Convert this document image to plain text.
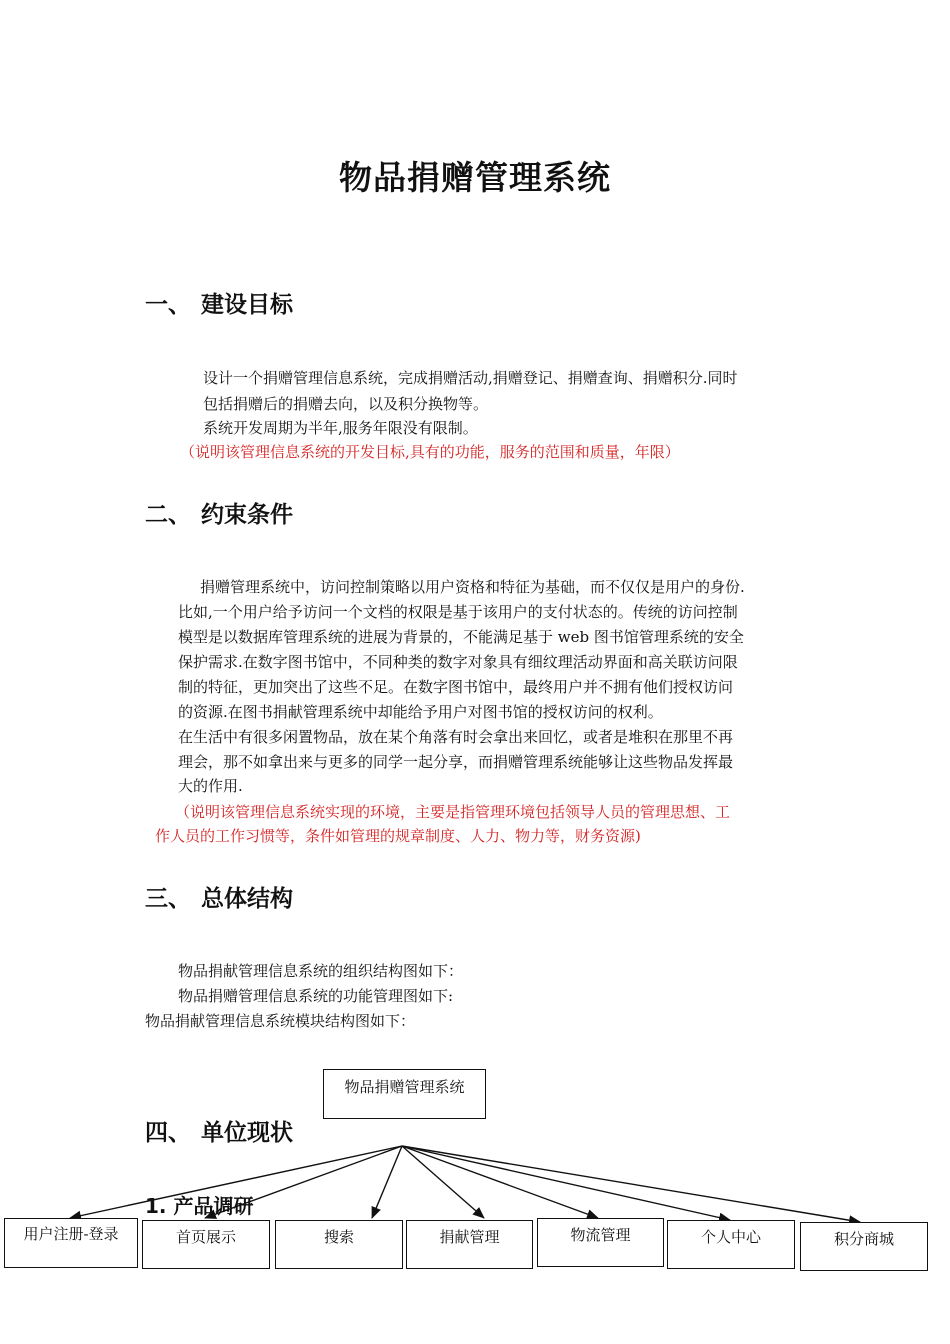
物品捐赠管理系统
一、 建设目标
设计一个捐赠管理信息系统，完成捐赠活动,捐赠登记、捐赠查询、捐赠积分.同时
包括捐赠后的捐赠去向，以及积分换物等。
系统开发周期为半年,服务年限没有限制。
（说明该管理信息系统的开发目标,具有的功能，服务的范围和质量，年限）
二、 约束条件
捐赠管理系统中，访问控制策略以用户资格和特征为基础，而不仅仅是用户的身份.
比如,一个用户给予访问一个文档的权限是基于该用户的支付状态的。传统的访问控制
模型是以数据库管理系统的进展为背景的，不能满足基于 web 图书馆管理系统的安全
保护需求.在数字图书馆中，不同种类的数字对象具有细纹理活动界面和高关联访问限
制的特征，更加突出了这些不足。在数字图书馆中，最终用户并不拥有他们授权访问
的资源.在图书捐献管理系统中却能给予用户对图书馆的授权访问的权利。
在生活中有很多闲置物品，放在某个角落有时会拿出来回忆，或者是堆积在那里不再
理会，那不如拿出来与更多的同学一起分享，而捐赠管理系统能够让这些物品发挥最
大的作用.
（说明该管理信息系统实现的环境，主要是指管理环境包括领导人员的管理思想、工
作人员的工作习惯等，条件如管理的规章制度、人力、物力等，财务资源)
三、 总体结构
物品捐献管理信息系统的组织结构图如下：
物品捐赠管理信息系统的功能管理图如下:
物品捐献管理信息系统模块结构图如下：
四、 单位现状
物品捐赠管理系统
1. 产品调研
用户注册-登录	首页展示	搜索	捐献管理	物流管理	个人中心	积分商城
